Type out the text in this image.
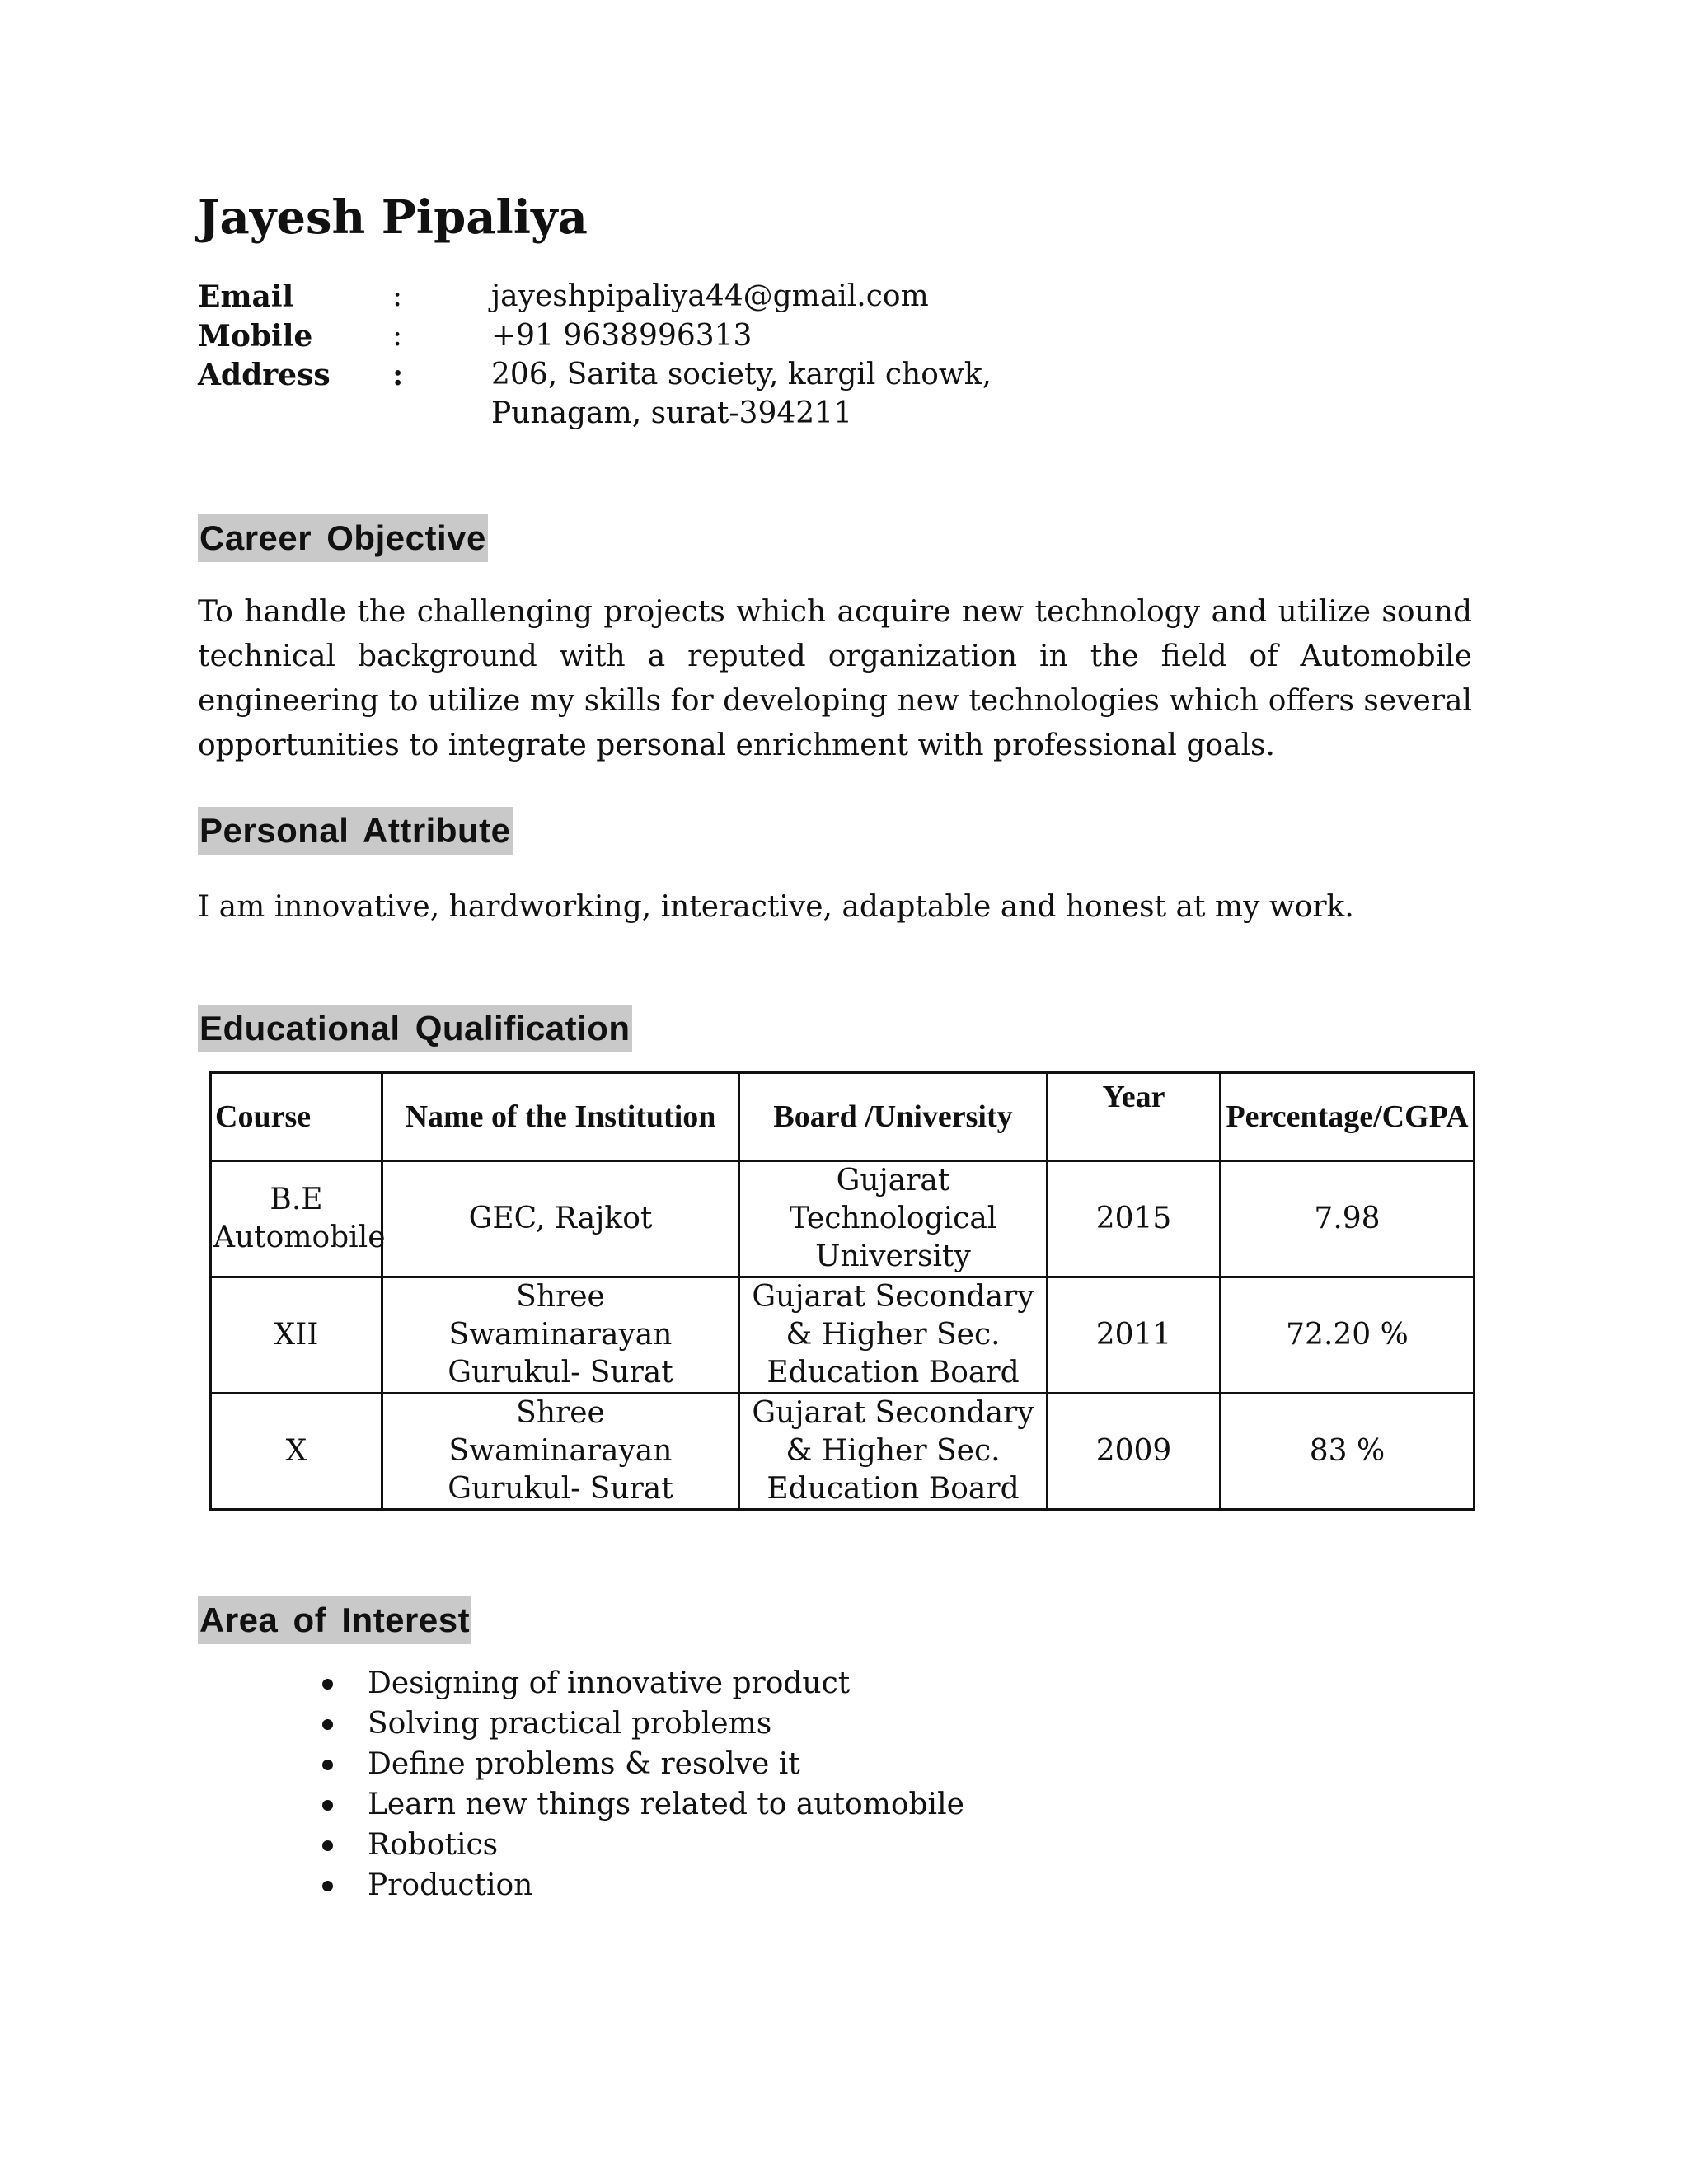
Jayesh Pipaliya
Email	:	jayeshpipaliya44@gmail.com
Mobile	:	+91 9638996313
Address :	206, Sarita society, kargil chowk,
Punagam, surat-394211
Career Objective

To handle the challenging projects which acquire new technology and utilize sound technical background with a reputed organization in the field of Automobile engineering to utilize my skills for developing new technologies which offers several opportunities to integrate personal enrichment with professional goals.

Personal Attribute

I am innovative, hardworking, interactive, adaptable and honest at my work.

Educational Qualification
Course	Name of the Institution	Board /University	Year	Percentage/CGPA
B.E Automobile	GEC, Rajkot	Gujarat Technological University	2015	7.98
XII	Shree Swaminarayan Gurukul- Surat	Gujarat Secondary & Higher Sec. Education Board	2011	72.20 %
X	Shree Swaminarayan Gurukul- Surat	Gujarat Secondary & Higher Sec. Education Board	2009	83 %
Area of Interest
Designing of innovative product
Solving practical problems
Define problems & resolve it
Learn new things related to automobile
Robotics
Production
